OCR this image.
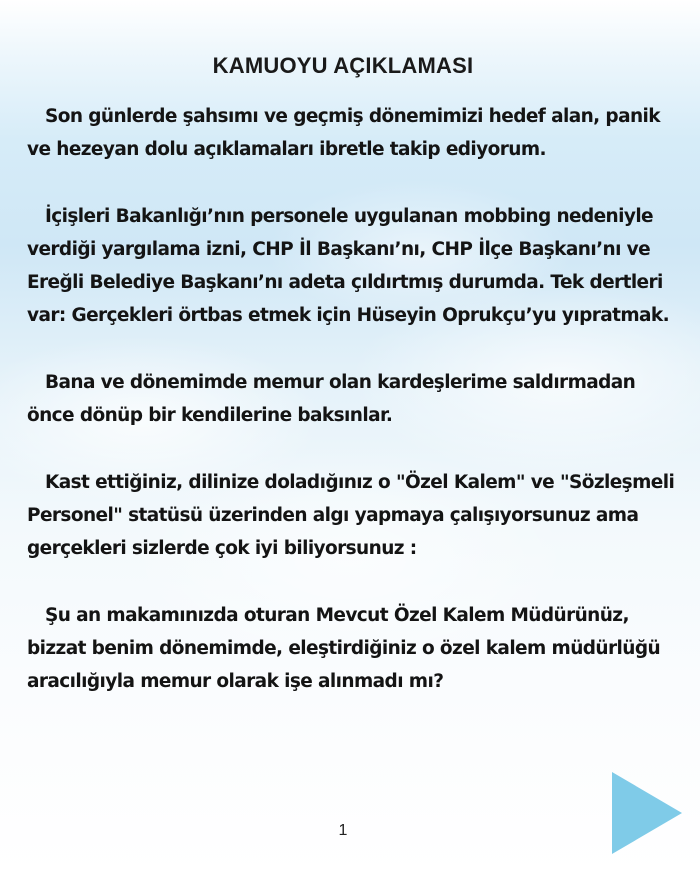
KAMUOYU AÇIKLAMASI

Son günlerde şahsımı ve geçmiş dönemimizi hedef alan, panik ve hezeyan dolu açıklamaları ibretle takip ediyorum.

İçişleri Bakanlığı’nın personele uygulanan mobbing nedeniyle verdiği yargılama izni, CHP İl Başkanı’nı, CHP İlçe Başkanı’nı ve Ereğli Belediye Başkanı’nı adeta çıldırtmış durumda. Tek dertleri var: Gerçekleri örtbas etmek için Hüseyin Oprukçu’yu yıpratmak.

Bana ve dönemimde memur olan kardeşlerime saldırmadan önce dönüp bir kendilerine baksınlar.

Kast ettiğiniz, dilinize doladığınız o "Özel Kalem" ve "Sözleşmeli Personel" statüsü üzerinden algı yapmaya çalışıyorsunuz ama gerçekleri sizlerde çok iyi biliyorsunuz :

Şu an makamınızda oturan Mevcut Özel Kalem Müdürünüz, bizzat benim dönemimde, eleştirdiğiniz o özel kalem müdürlüğü aracılığıyla memur olarak işe alınmadı mı?

1
